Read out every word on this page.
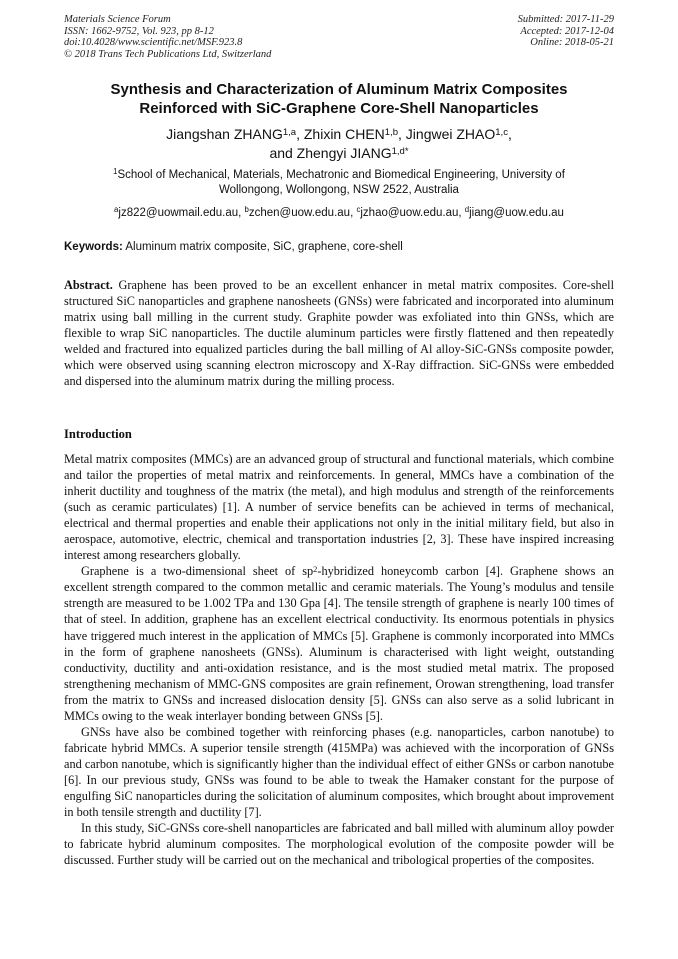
Materials Science Forum
ISSN: 1662-9752, Vol. 923, pp 8-12
doi:10.4028/www.scientific.net/MSF.923.8
© 2018 Trans Tech Publications Ltd, Switzerland
Submitted: 2017-11-29
Accepted: 2017-12-04
Online: 2018-05-21
Synthesis and Characterization of Aluminum Matrix Composites
Reinforced with SiC-Graphene Core-Shell Nanoparticles
Jiangshan ZHANG$^{1,a}$, Zhixin CHEN$^{1,b}$, Jingwei ZHAO$^{1,c}$,
and Zhengyi $JIANG^{1,d*}$
$^1$School of Mechanical, Materials, Mechatronic and Biomedical Engineering, University of
Wollongong, Wollongong, NSW 2522, Australia
$^a$jz822@uowmail.edu.au, $^b$zchen@uow.edu.au, $^c$jzhao@uow.edu.au, $^d$jiang@uow.edu.au
Keywords: Aluminum matrix composite, SiC, graphene, core-shell
Abstract. Graphene has been proved to be an excellent enhancer in metal matrix composites. Core-shell structured SiC nanoparticles and graphene nanosheets (GNSs) were fabricated and incorporated into aluminum matrix using ball milling in the current study. Graphite powder was exfoliated into thin GNSs, which are flexible to wrap SiC nanoparticles. The ductile aluminum particles were firstly flattened and then repeatedly welded and fractured into equalized particles during the ball milling of Al alloy-SiC-GNSs composite powder, which were observed using scanning electron microscopy and X-Ray diffraction. SiC-GNSs were embedded and dispersed into the aluminum matrix during the milling process.
Introduction

Metal matrix composites (MMCs) are an advanced group of structural and functional materials, which combine and tailor the properties of metal matrix and reinforcements. In general, MMCs have a combination of the inherit ductility and toughness of the matrix (the metal), and high modulus and strength of the reinforcements (such as ceramic particulates) [1]. A number of service benefits can be achieved in terms of mechanical, electrical and thermal properties and enable their applications not only in the initial military field, but also in aerospace, automotive, electric, chemical and transportation industries [2, 3]. These have inspired increasing interest among researchers globally.

Graphene is a two-dimensional sheet of $sp^2$-hybridized honeycomb carbon [4]. Graphene shows an excellent strength compared to the common metallic and ceramic materials. The Young’s modulus and tensile strength are measured to be 1.002 TPa and 130 Gpa [4]. The tensile strength of graphene is nearly 100 times of that of steel. In addition, graphene has an excellent electrical conductivity. Its enormous potentials in physics have triggered much interest in the application of MMCs [5]. Graphene is commonly incorporated into MMCs in the form of graphene nanosheets (GNSs). Aluminum is characterised with light weight, outstanding conductivity, ductility and anti-oxidation resistance, and is the most studied metal matrix. The proposed strengthening mechanism of MMC-GNS composites are grain refinement, Orowan strengthening, load transfer from the matrix to GNSs and increased dislocation density [5]. GNSs can also serve as a solid lubricant in MMCs owing to the weak interlayer bonding between GNSs [5].

GNSs have also be combined together with reinforcing phases (e.g. nanoparticles, carbon nanotube) to fabricate hybrid MMCs. A superior tensile strength (415MPa) was achieved with the incorporation of GNSs and carbon nanotube, which is significantly higher than the individual effect of either GNSs or carbon nanotube [6]. In our previous study, GNSs was found to be able to tweak the Hamaker constant for the purpose of engulfing SiC nanoparticles during the solicitation of aluminum composites, which brought about improvement in both tensile strength and ductility [7].

In this study, SiC-GNSs core-shell nanoparticles are fabricated and ball milled with aluminum alloy powder to fabricate hybrid aluminum composites. The morphological evolution of the composite powder will be discussed. Further study will be carried out on the mechanical and tribological properties of the composites.
